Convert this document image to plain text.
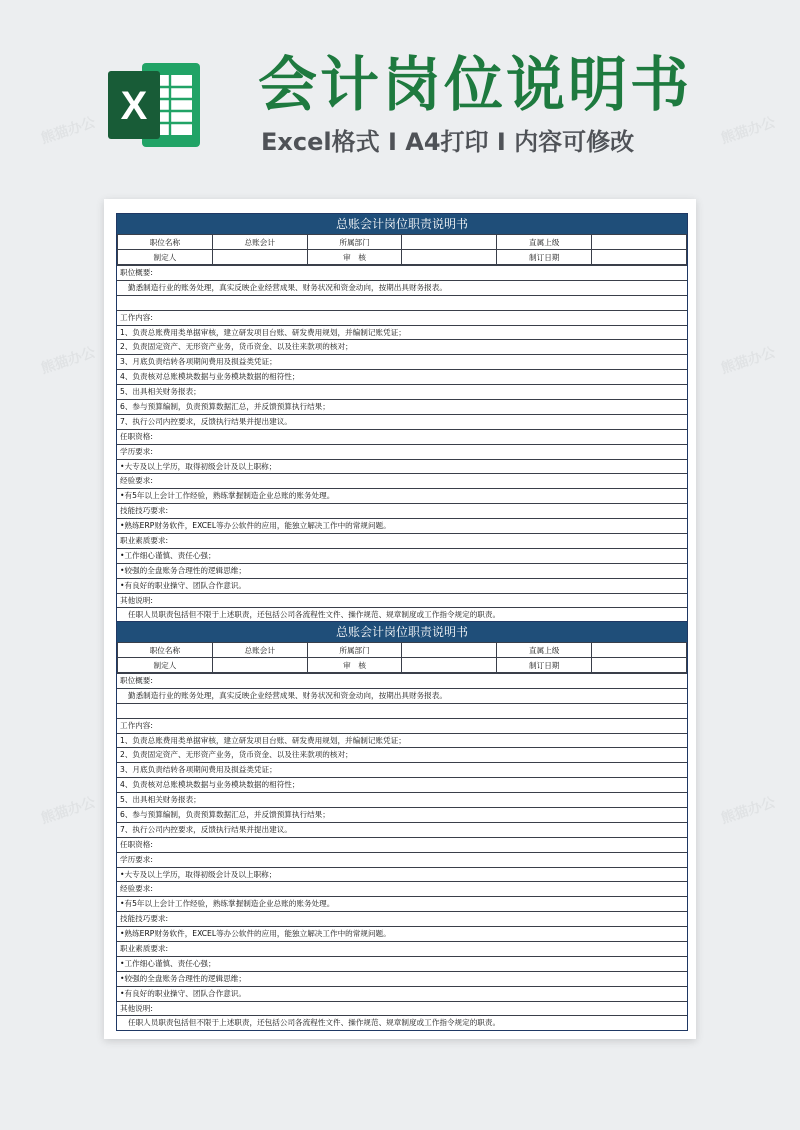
X 会计岗位说明书
Excel格式 I A4打印 I 内容可修改
总账会计岗位职责说明书
职位名称	总账会计	所属部门		直属上级	
制定人		审　核		制订日期	
职位概要:
勤悉制造行业的账务处理，真实反映企业经营成果、财务状况和资金动向，按期出具财务报表。
工作内容:
1、负责总账费用类单据审核，建立研发项目台账、研发费用规划，并编制记账凭证；
2、负责固定资产、无形资产业务，货币资金、以及往来款项的核对；
3、月底负责结转各项期间费用及损益类凭证；
4、负责核对总账模块数据与业务模块数据的相符性；
5、出具相关财务报表；
6、参与预算编制，负责预算数据汇总，并反馈预算执行结果；
7、执行公司内控要求，反馈执行结果并提出建议。
任职资格:
学历要求:
•大专及以上学历，取得初级会计及以上职称；
经验要求:
•有5年以上会计工作经验，熟练掌握制造企业总账的账务处理。
技能技巧要求:
•熟练ERP财务软件，EXCEL等办公软件的应用，能独立解决工作中的常规问题。
职业素质要求:
•工作细心谨慎、责任心强；
•较强的全盘账务合理性的逻辑思维；
•有良好的职业操守、团队合作意识。
其他说明:
任职人员职责包括但不限于上述职责，还包括公司各流程性文件、操作规范、规章制度或工作指令规定的职责。
总账会计岗位职责说明书
职位名称	总账会计	所属部门		直属上级	
制定人		审　核		制订日期	
职位概要:
勤悉制造行业的账务处理，真实反映企业经营成果、财务状况和资金动向，按期出具财务报表。
工作内容:
1、负责总账费用类单据审核，建立研发项目台账、研发费用规划，并编制记账凭证；
2、负责固定资产、无形资产业务，货币资金、以及往来款项的核对；
3、月底负责结转各项期间费用及损益类凭证；
4、负责核对总账模块数据与业务模块数据的相符性；
5、出具相关财务报表；
6、参与预算编制，负责预算数据汇总，并反馈预算执行结果；
7、执行公司内控要求，反馈执行结果并提出建议。
任职资格:
学历要求:
•大专及以上学历，取得初级会计及以上职称；
经验要求:
•有5年以上会计工作经验，熟练掌握制造企业总账的账务处理。
技能技巧要求:
•熟练ERP财务软件，EXCEL等办公软件的应用，能独立解决工作中的常规问题。
职业素质要求:
•工作细心谨慎、责任心强；
•较强的全盘账务合理性的逻辑思维；
•有良好的职业操守、团队合作意识。
其他说明:
任职人员职责包括但不限于上述职责，还包括公司各流程性文件、操作规范、规章制度或工作指令规定的职责。
熊猫办公	熊猫办公
熊猫办公	熊猫办公
熊猫办公	熊猫办公
